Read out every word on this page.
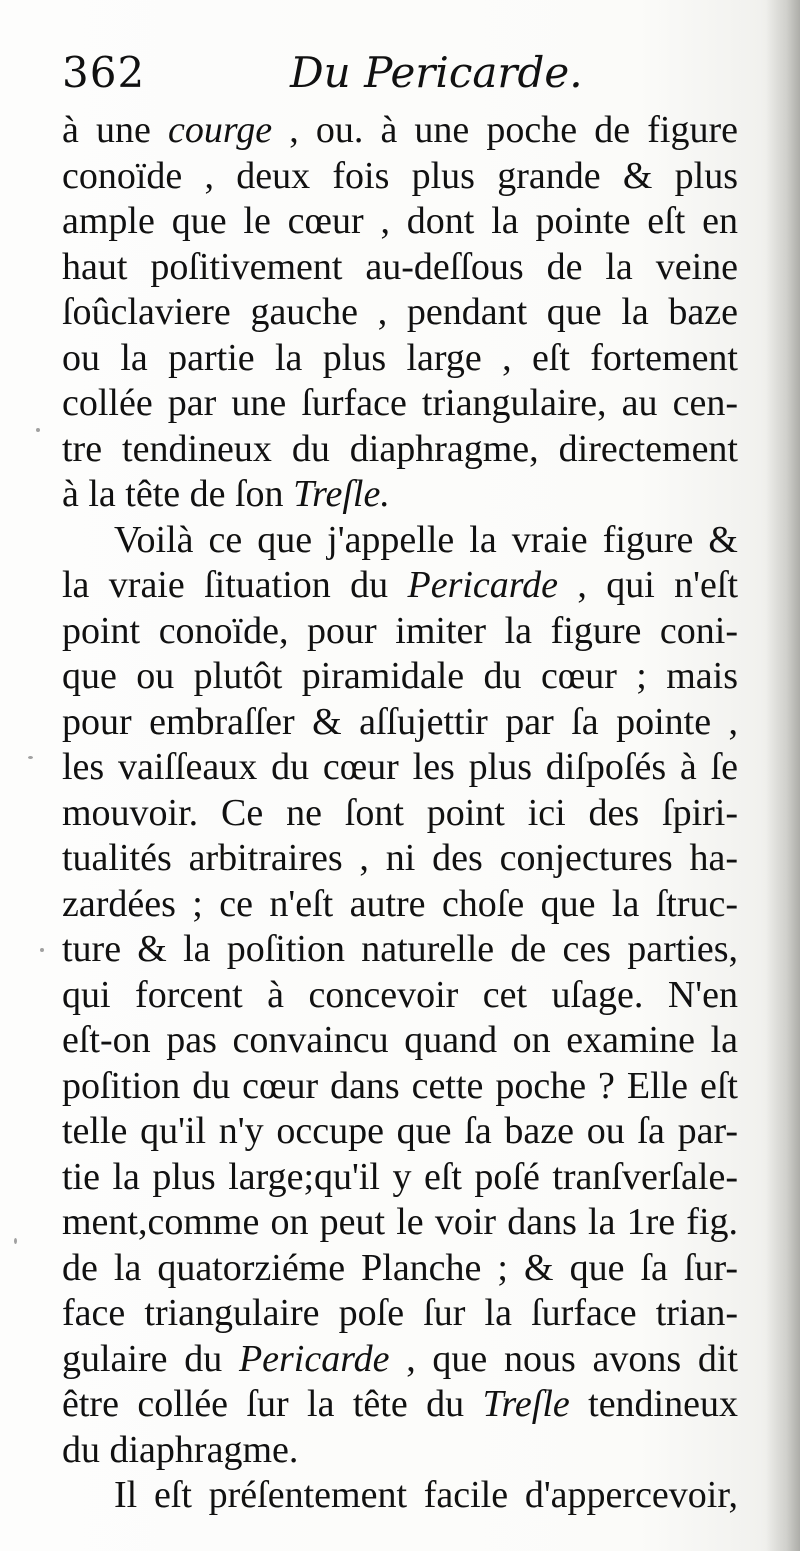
362	Du Pericarde.
à une courge , ou. à une poche de figure
conoïde , deux fois plus grande & plus
ample que le cœur , dont la pointe eſt en
haut poſitivement au-deſſous de la veine
ſoûclaviere gauche , pendant que la baze
ou la partie la plus large , eſt fortement
collée par une ſurface triangulaire, au cen-
tre tendineux du diaphragme, directement
à la tête de ſon Treſle.
Voilà ce que j'appelle la vraie figure &
la vraie ſituation du Pericarde , qui n'eſt
point conoïde, pour imiter la figure coni-
que ou plutôt piramidale du cœur ; mais
pour embraſſer & aſſujettir par ſa pointe ,
les vaiſſeaux du cœur les plus diſpoſés à ſe
mouvoir. Ce ne ſont point ici des ſpiri-
tualités arbitraires , ni des conjectures ha-
zardées ; ce n'eſt autre choſe que la ſtruc-
ture & la poſition naturelle de ces parties,
qui forcent à concevoir cet uſage. N'en
eſt-on pas convaincu quand on examine la
poſition du cœur dans cette poche ? Elle eſt
telle qu'il n'y occupe que ſa baze ou ſa par-
tie la plus large;qu'il y eſt poſé tranſverſale-
ment,comme on peut le voir dans la 1re fig.
de la quatorziéme Planche ; & que ſa ſur-
face triangulaire poſe ſur la ſurface trian-
gulaire du Pericarde , que nous avons dit
être collée ſur la tête du Treſle tendineux
du diaphragme.
Il eſt préſentement facile d'appercevoir,
